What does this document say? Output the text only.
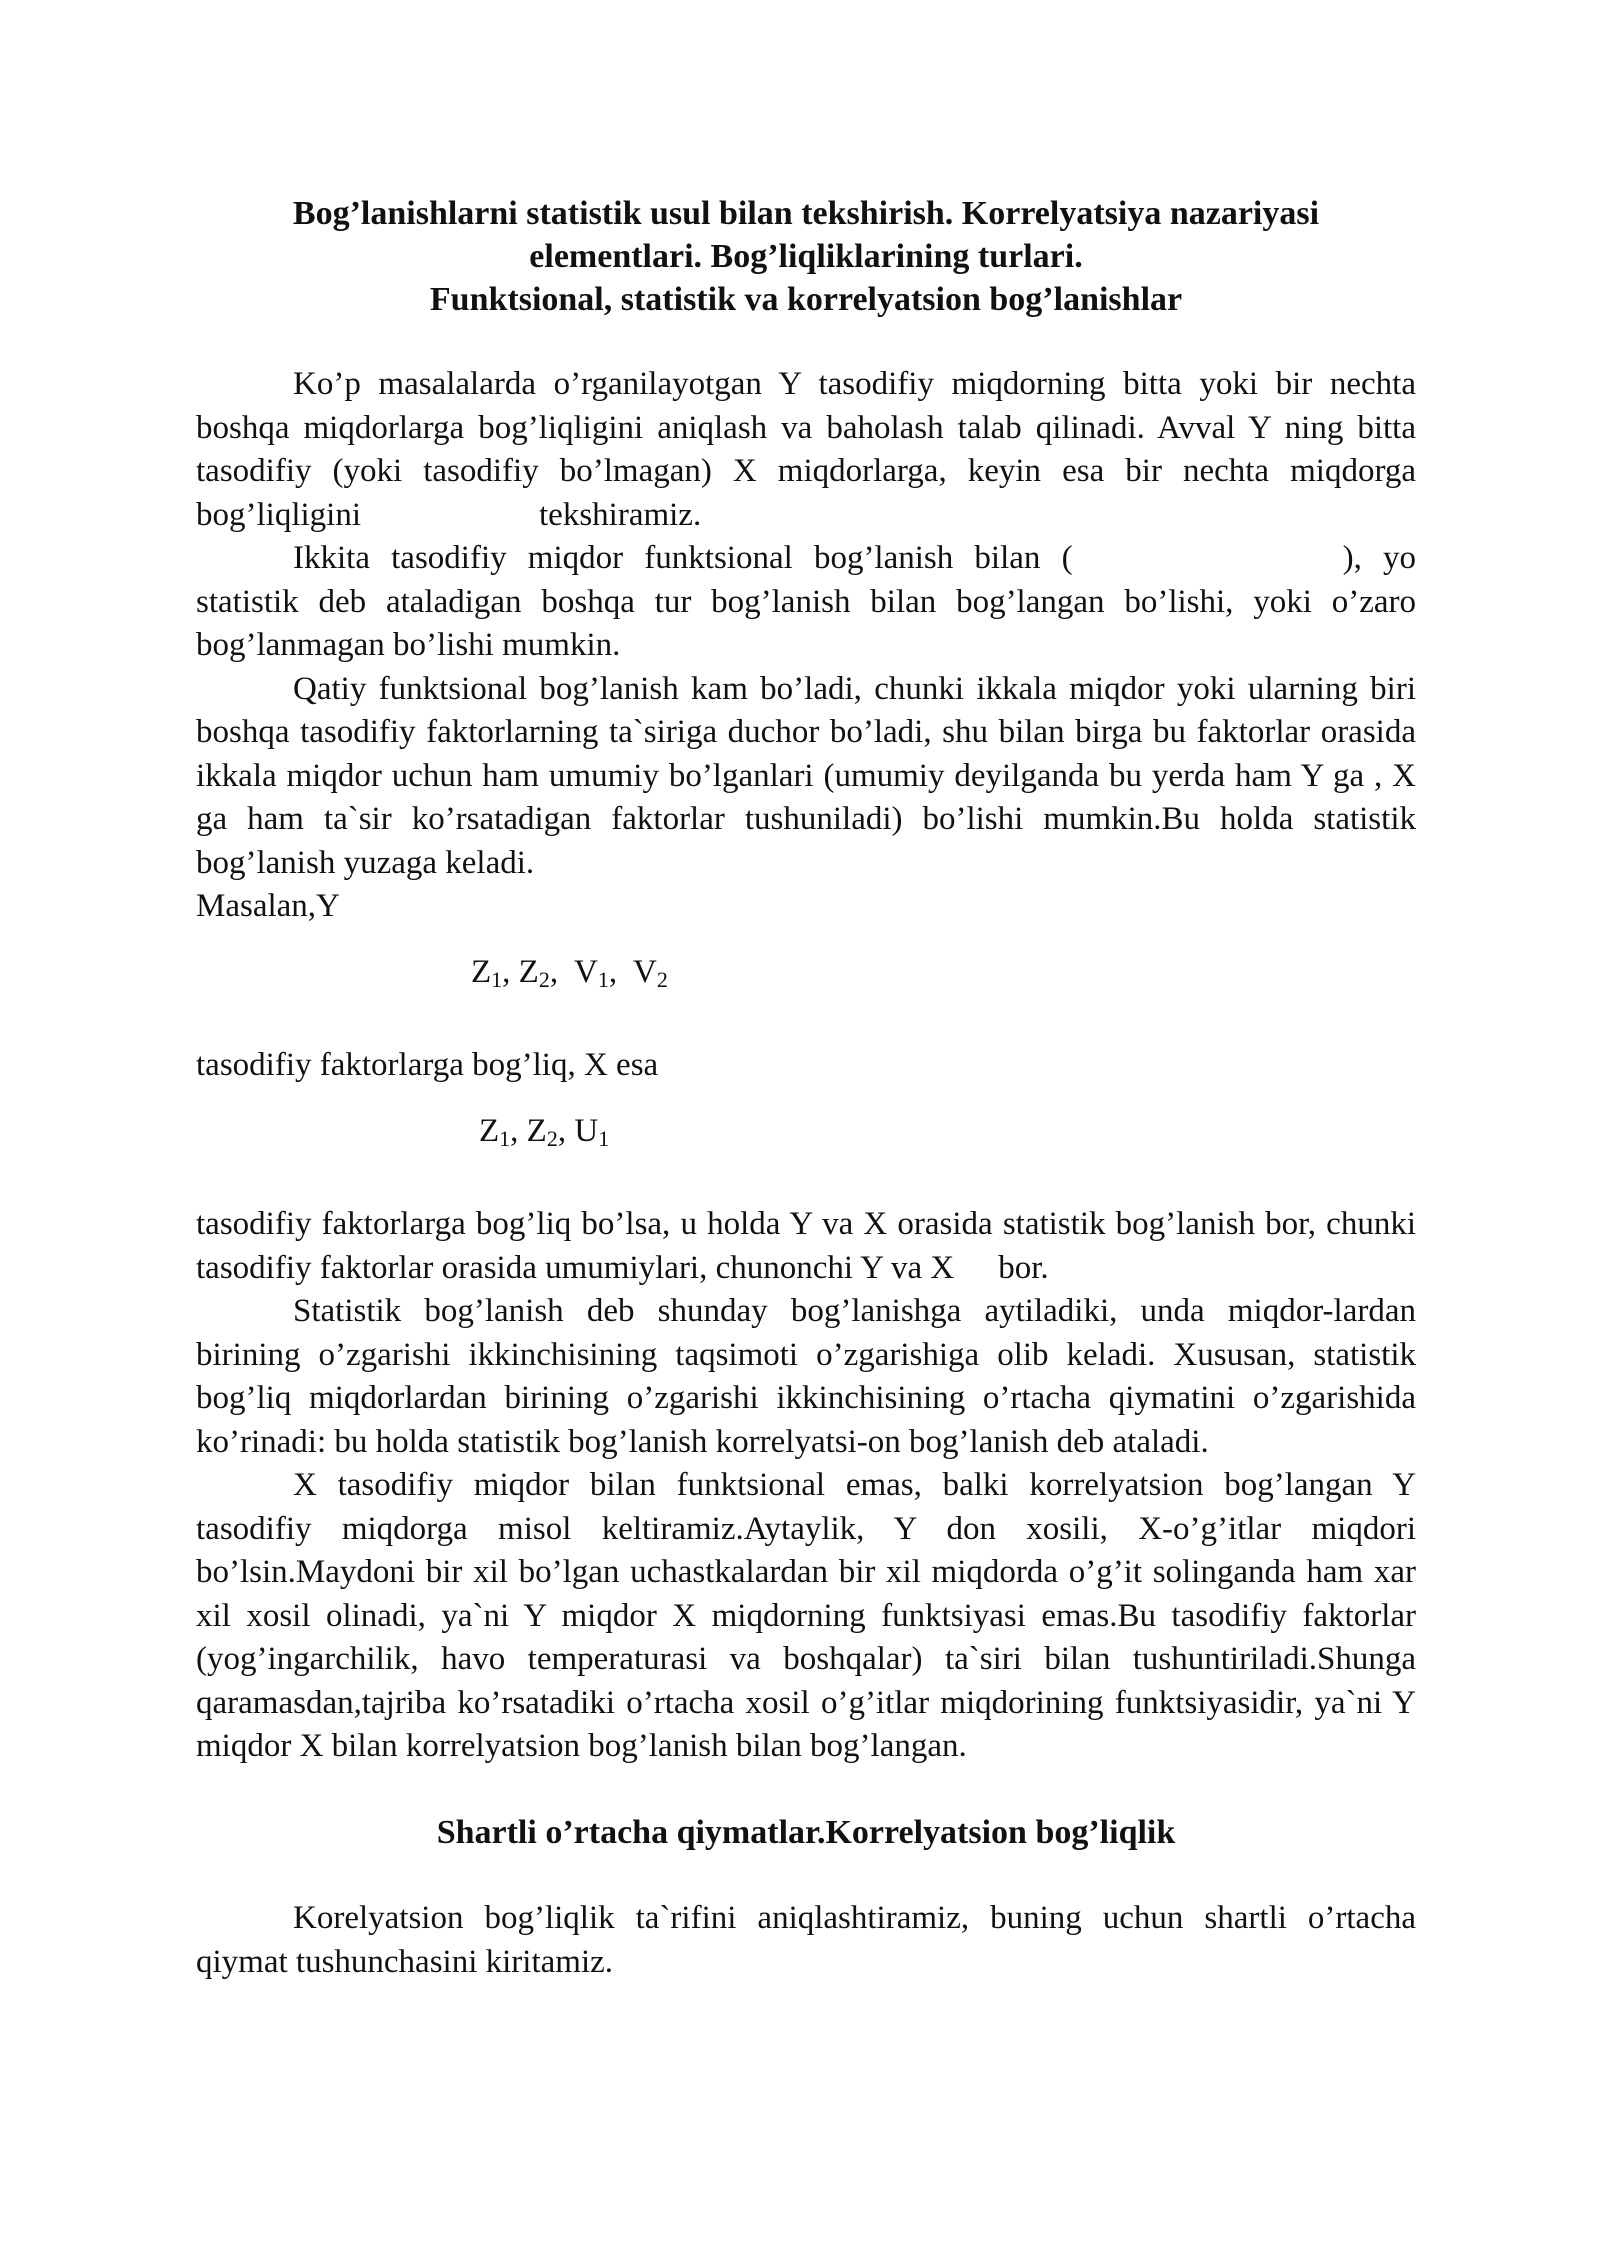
Bog’lanishlarni statistik usul bilan tekshirish. Korrelyatsiya nazariyasi
elementlari. Bog’liqliklarining turlari.
Funktsional, statistik va korrelyatsion bog’lanishlar

Ko’p masalalarda o’rganilayotgan Y tasodifiy miqdorning bitta yoki bir nechta boshqa miqdorlarga bog’liqligini aniqlash va baholash talab qilinadi. Avval Y ning bitta tasodifiy (yoki tasodifiy bo’lmagan) X miqdorlarga, keyin esa bir nechta miqdorga bog’liqligini	tekshiramiz.

Ikkita tasodifiy miqdor funktsional bog’lanish bilan (	), yo statistik deb ataladigan boshqa tur bog’lanish bilan bog’langan bo’lishi, yoki o’zaro bog’lanmagan bo’lishi mumkin.

Qatiy funktsional bog’lanish kam bo’ladi, chunki ikkala miqdor yoki ularning biri boshqa tasodifiy faktorlarning ta`siriga duchor bo’ladi, shu bilan birga bu faktorlar orasida ikkala miqdor uchun ham umumiy bo’lganlari (umumiy deyilganda bu yerda ham Y ga , X ga ham ta`sir ko’rsatadigan faktorlar tushuniladi) bo’lishi mumkin.Bu holda statistik bog’lanish yuzaga keladi.

Masalan,Y

$Z_1$, $Z_2$,  $V_1$,  $V_2$

tasodifiy faktorlarga bog’liq, X esa

$Z_1$, $Z_2$, $U_1$

tasodifiy faktorlarga bog’liq bo’lsa, u holda Y va X orasida statistik bog’lanish bor, chunki tasodifiy faktorlar orasida umumiylari, chunonchi Y va X bor.

Statistik bog’lanish deb shunday bog’lanishga aytiladiki, unda miqdor-lardan birining o’zgarishi ikkinchisining taqsimoti o’zgarishiga olib keladi. Xususan, statistik bog’liq miqdorlardan birining o’zgarishi ikkinchisining o’rtacha qiymatini o’zgarishida ko’rinadi: bu holda statistik bog’lanish korrelyatsi-on bog’lanish deb ataladi.

X tasodifiy miqdor bilan funktsional emas, balki korrelyatsion bog’langan Y tasodifiy miqdorga misol keltiramiz.Aytaylik, Y don xosili, X-o’g’itlar miqdori bo’lsin.Maydoni bir xil bo’lgan uchastkalardan bir xil miqdorda o’g’it solinganda ham xar xil xosil olinadi, ya`ni Y miqdor X miqdorning funktsiyasi emas.Bu tasodifiy faktorlar (yog’ingarchilik, havo temperaturasi va boshqalar) ta`siri bilan tushuntiriladi.Shunga qaramasdan,tajriba ko’rsatadiki o’rtacha xosil o’g’itlar miqdorining funktsiyasidir, ya`ni Y miqdor X bilan korrelyatsion bog’lanish bilan bog’langan.

Shartli o’rtacha qiymatlar.Korrelyatsion bog’liqlik

Korelyatsion bog’liqlik ta`rifini aniqlashtiramiz, buning uchun shartli o’rtacha qiymat tushunchasini kiritamiz.
